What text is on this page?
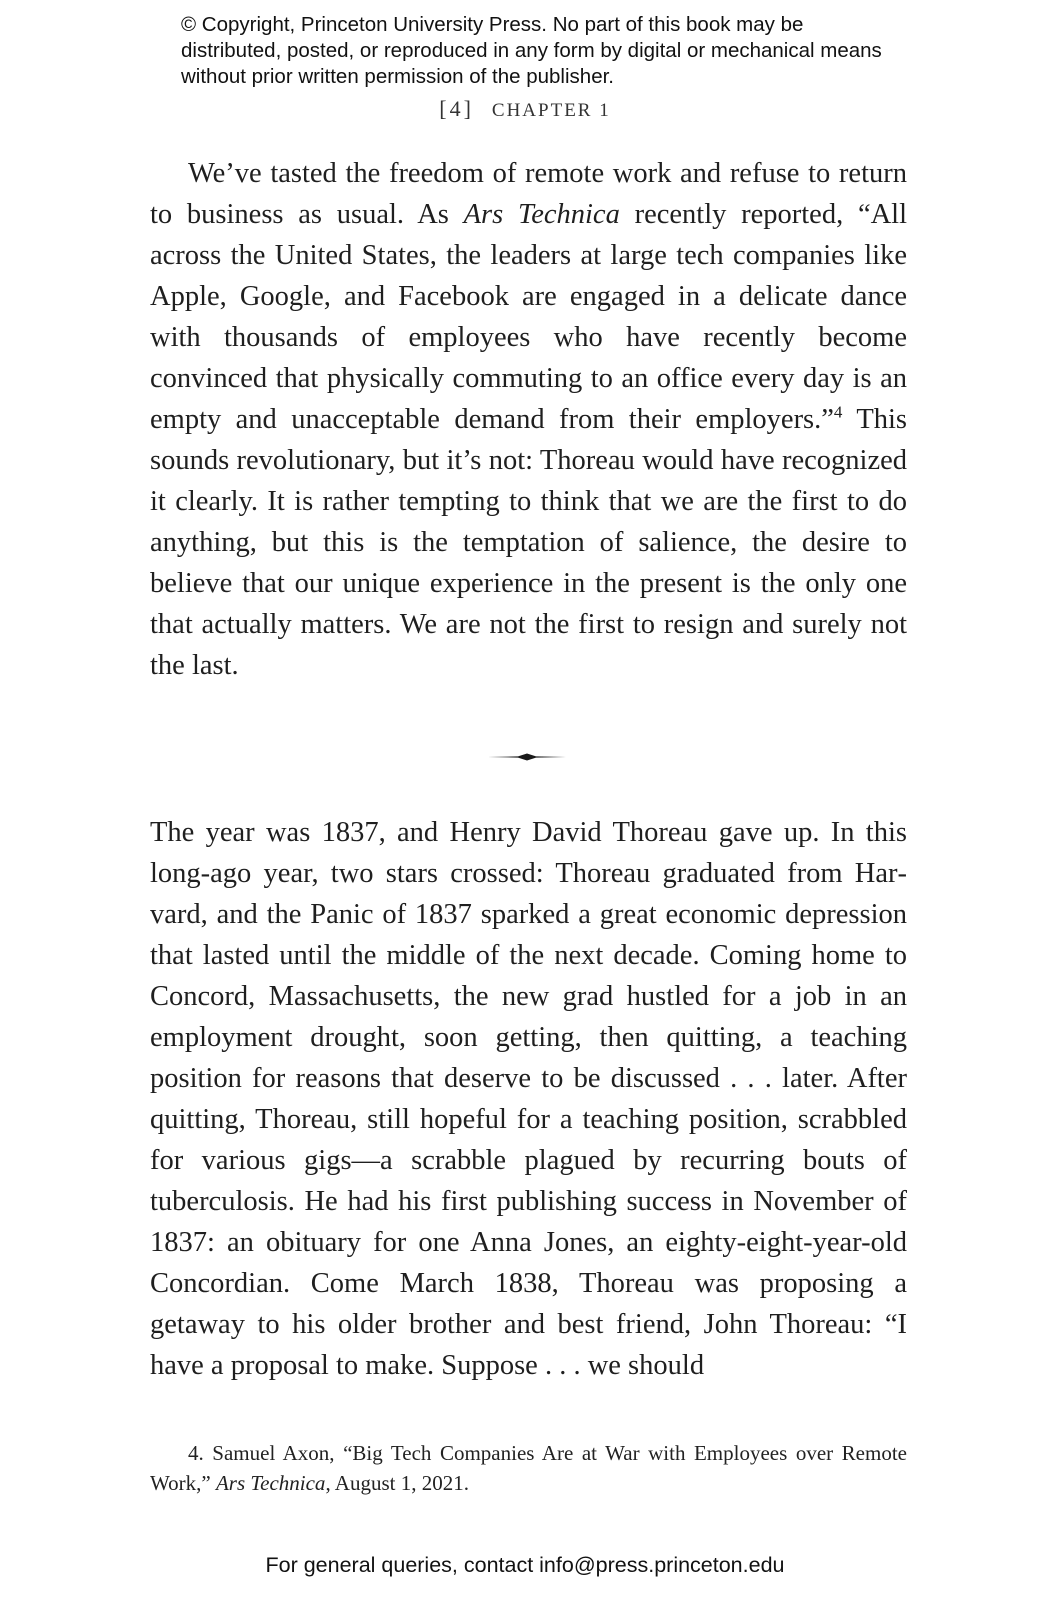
© Copyright, Princeton University Press. No part of this book may be distributed, posted, or reproduced in any form by digital or mechanical means without prior written permission of the publisher.
[4] CHAPTER 1

We’ve tasted the freedom of remote work and refuse to return to business as usual. As Ars Technica recently reported, “All across the United States, the leaders at large tech companies like Apple, Google, and Facebook are engaged in a delicate dance with thousands of employees who have recently become convinced that physically commuting to an office every day is an empty and unacceptable demand from their employers.”$^4$ This sounds revolutionary, but it’s not: Thoreau would have recognized it clearly. It is rather tempting to think that we are the first to do anything, but this is the temptation of salience, the desire to believe that our unique experience in the present is the only one that actually matters. We are not the first to resign and surely not the last.

The year was 1837, and Henry David Thoreau gave up. In this long-ago year, two stars crossed: Thoreau graduated from Harvard, and the Panic of 1837 sparked a great economic depression that lasted until the middle of the next decade. Coming home to Concord, Massachusetts, the new grad hustled for a job in an employment drought, soon getting, then quitting, a teaching position for reasons that deserve to be discussed . . . later. After quitting, Thoreau, still hopeful for a teaching position, scrabbled for various gigs—a scrabble plagued by recurring bouts of tuberculosis. He had his first publishing success in November of 1837: an obituary for one Anna Jones, an eighty-eight-year-old Concordian. Come March 1838, Thoreau was proposing a getaway to his older brother and best friend, John Thoreau: “I have a proposal to make. Suppose . . . we should

4. Samuel Axon, “Big Tech Companies Are at War with Employees over Remote Work,” Ars Technica, August 1, 2021.
For general queries, contact info@press.princeton.edu
